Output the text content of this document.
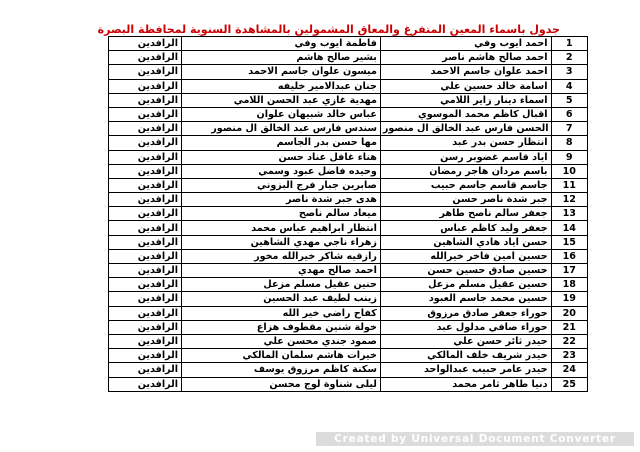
جدول باسماء المعين المتفرغ والمعاق المشمولين بالمشاهدة السنوية لمحافظة البصرة
1	احمد ايوب وفي	فاطمة ايوب وفي	الرافدين
2	احمد صالح هاشم ناصر	بشير صالح هاشم	الرافدين
3	احمد علوان جاسم الاحمد	ميسون علوان جاسم الاحمد	الرافدين
4	اسامة خالد حسين علي	جنان عبدالامير خليفه	الرافدين
5	اسماء دينار زاير اللامي	مهدية غازي عبد الحسن اللامي	الرافدين
6	اقبال كاظم محمد الموسوي	عباس خالد شبيهان علوان	الرافدين
7	الحسن فارس عبد الخالق ال منصور	سندس فارس عبد الخالق ال منصور	الرافدين
8	انتظار حسن بدر عبد	مها حسن بدر الجاسم	الرافدين
9	اياد قاسم غضوبر رسن	هناء غافل عناد حسن	الرافدين
10	باسم مردان هاجر رمضان	وحيده فاضل عبود وسمي	الرافدين
11	جاسم قاسم جاسم حبيب	صابرين جبار فرج البزوني	الرافدين
12	جبر شدة ناصر حسن	هدى جبر شدة ناصر	الرافدين
13	جعفر سالم ناصح طاهر	ميعاد سالم ناصح	الرافدين
14	جعفر وليد كاظم عباس	انتظار ابراهيم عباس محمد	الرافدين
15	حسن اياد هادي الشاهين	زهراء ناجي مهدي الشاهين	الرافدين
16	حسين امين فاخر خيرالله	رازقيه شاكر خيرالله مخور	الرافدين
17	حسين صادق حسين حسن	احمد صالح مهدي	الرافدين
18	حسين عقيل مسلم مزعل	حنين عقيل مسلم مزعل	الرافدين
19	حسين محمد جاسم العبود	زينب لطيف عبد الحسين	الرافدين
20	حوراء جعفر صادق مرزوق	كفاح راضي خير الله	الرافدين
21	حوراء صافي مدلول عبد	خولة شنين مقطوف هزاع	الرافدين
22	حيدر ثائر حسن علي	صمود جندي محسن علي	الرافدين
23	حيدر شريف خلف المالكي	خيرات هاشم سلمان المالكي	الرافدين
24	حيدر عامر حبيب عبدالواحد	سكنة كاظم مرزوق يوسف	الرافدين
25	دنيا طاهر ثامر محمد	ليلى شناوة لوج محسن	الرافدين
Created by Universal Document Converter
